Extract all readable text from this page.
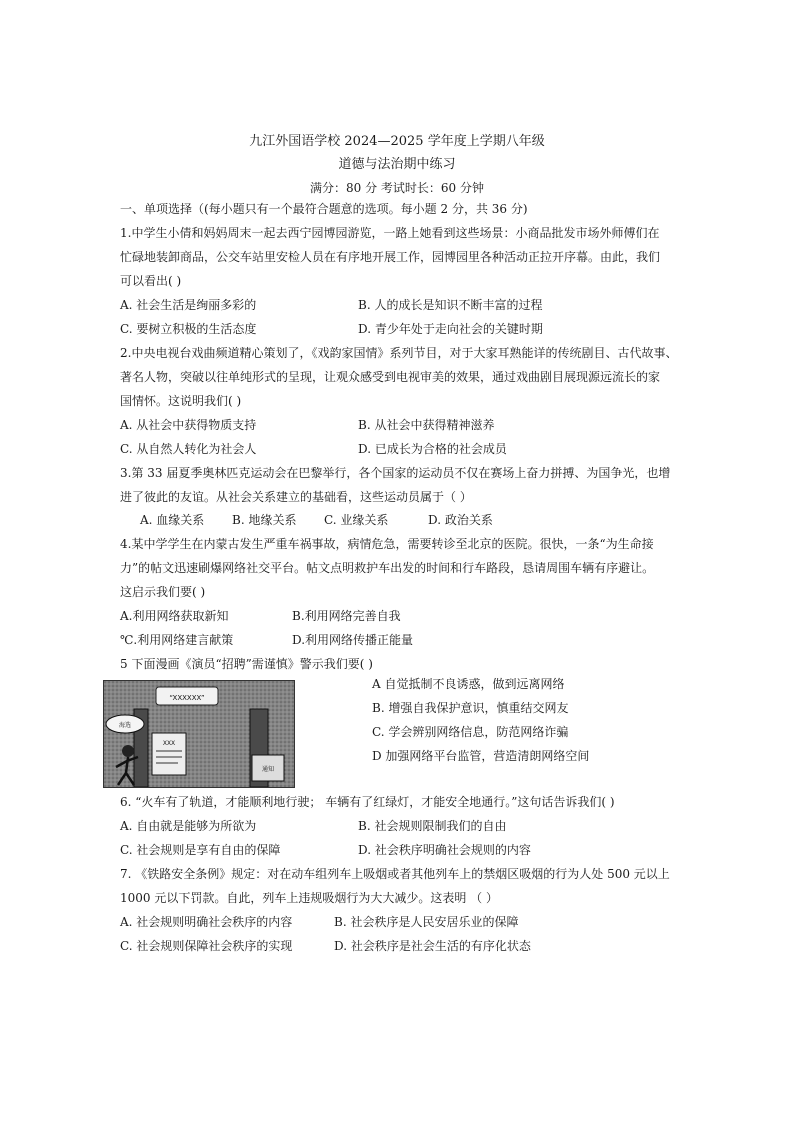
九江外国语学校 2024—2025 学年度上学期八年级
道德与法治期中练习
满分：80 分 考试时长：60 分钟
一、单项选择（(每小题只有一个最符合题意的选项。每小题 2 分，共 36 分)
1.中学生小倩和妈妈周末一起去西宁园博园游览，一路上她看到这些场景：小商品批发市场外师傅们在
忙碌地装卸商品，公交车站里安检人员在有序地开展工作，园博园里各种活动正拉开序幕。由此，我们
可以看出( )
A. 社会生活是绚丽多彩的	B. 人的成长是知识不断丰富的过程
C. 要树立积极的生活态度	D. 青少年处于走向社会的关键时期
2.中央电视台戏曲频道精心策划了，《戏韵家国情》系列节目，对于大家耳熟能详的传统剧目、古代故事、
著名人物，突破以往单纯形式的呈现，让观众感受到电视审美的效果，通过戏曲剧目展现源远流长的家
国情怀。这说明我们( )
A. 从社会中获得物质支持	B. 从社会中获得精神滋养
C. 从自然人转化为社会人	D. 已成长为合格的社会成员
3.第 33 届夏季奥林匹克运动会在巴黎举行，各个国家的运动员不仅在赛场上奋力拼搏、为国争光，也增
进了彼此的友谊。从社会关系建立的基础看，这些运动员属于（ ）
A. 血缘关系 B. 地缘关系 C. 业缘关系	D. 政治关系
4.某中学学生在内蒙古发生严重车祸事故，病情危急，需要转诊至北京的医院。很快，一条“为生命接
力”的帖文迅速刷爆网络社交平台。帖文点明救护车出发的时间和行车路段，恳请周围车辆有序避让。
这启示我们要( )
A.利用网络获取新知	B.利用网络完善自我
℃.利用网络建言献策	D.利用网络传播正能量
5 下面漫画《演员“招聘”需谨慎》警示我们要( )
“XXXXXX”
海选
XXX
通知
A 自觉抵制不良诱惑，做到远离网络
B. 增强自我保护意识，慎重结交网友
C. 学会辨别网络信息，防范网络诈骗
D 加强网络平台监管，营造清朗网络空间
6. “火车有了轨道，才能顺利地行驶； 车辆有了红绿灯，才能安全地通行。”这句话告诉我们( )
A. 自由就是能够为所欲为	B. 社会规则限制我们的自由
C. 社会规则是享有自由的保障	D. 社会秩序明确社会规则的内容
7. 《铁路安全条例》规定：对在动车组列车上吸烟或者其他列车上的禁烟区吸烟的行为人处 500 元以上
1000 元以下罚款。自此，列车上违规吸烟行为大大减少。这表明 （ ）
A. 社会规则明确社会秩序的内容	B. 社会秩序是人民安居乐业的保障
C. 社会规则保障社会秩序的实现	D. 社会秩序是社会生活的有序化状态
